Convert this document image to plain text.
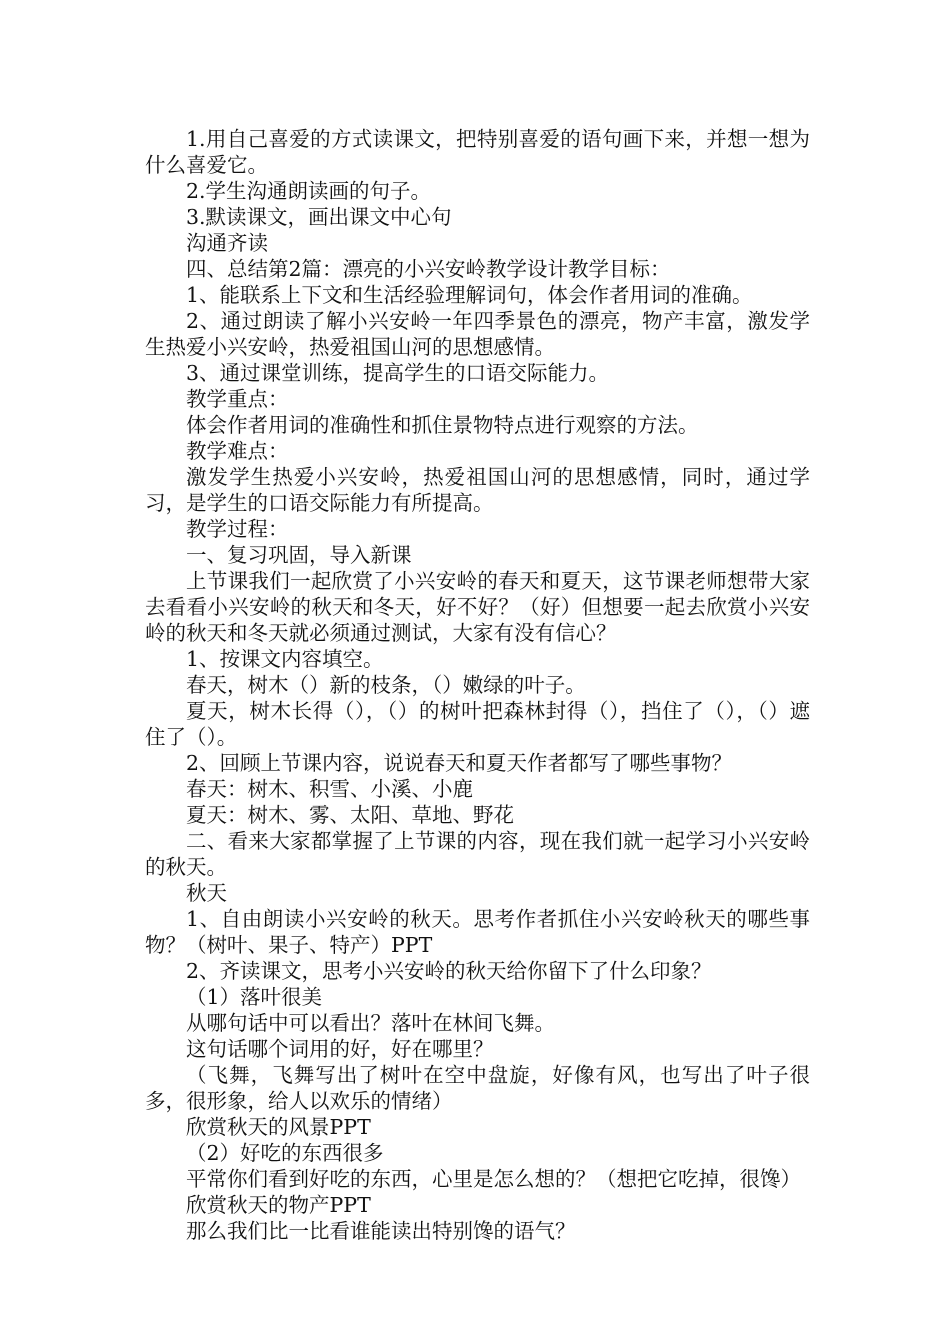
1.用自己喜爱的方式读课文，把特别喜爱的语句画下来，并想一想为什么喜爱它。

2.学生沟通朗读画的句子。

3.默读课文，画出课文中心句

沟通齐读

四、总结第2篇：漂亮的小兴安岭教学设计教学目标：

1、能联系上下文和生活经验理解词句，体会作者用词的准确。

2、通过朗读了解小兴安岭一年四季景色的漂亮，物产丰富，激发学生热爱小兴安岭，热爱祖国山河的思想感情。

3、通过课堂训练，提高学生的口语交际能力。

教学重点：

体会作者用词的准确性和抓住景物特点进行观察的方法。

教学难点：

激发学生热爱小兴安岭，热爱祖国山河的思想感情，同时，通过学习，是学生的口语交际能力有所提高。

教学过程：

一、复习巩固，导入新课

上节课我们一起欣赏了小兴安岭的春天和夏天，这节课老师想带大家去看看小兴安岭的秋天和冬天，好不好？（好）但想要一起去欣赏小兴安岭的秋天和冬天就必须通过测试，大家有没有信心？

1、按课文内容填空。

春天，树木（）新的枝条，（）嫩绿的叶子。

夏天，树木长得（），（）的树叶把森林封得（），挡住了（），（）遮住了（）。

2、回顾上节课内容，说说春天和夏天作者都写了哪些事物？

春天：树木、积雪、小溪、小鹿

夏天：树木、雾、太阳、草地、野花

二、看来大家都掌握了上节课的内容，现在我们就一起学习小兴安岭的秋天。

秋天

1、自由朗读小兴安岭的秋天。思考作者抓住小兴安岭秋天的哪些事物？（树叶、果子、特产）PPT

2、齐读课文，思考小兴安岭的秋天给你留下了什么印象？

（1）落叶很美

从哪句话中可以看出？落叶在林间飞舞。

这句话哪个词用的好，好在哪里？

（飞舞，飞舞写出了树叶在空中盘旋，好像有风，也写出了叶子很多，很形象，给人以欢乐的情绪）

欣赏秋天的风景PPT

（2）好吃的东西很多

平常你们看到好吃的东西，心里是怎么想的？（想把它吃掉，很馋）

欣赏秋天的物产PPT

那么我们比一比看谁能读出特别馋的语气？
